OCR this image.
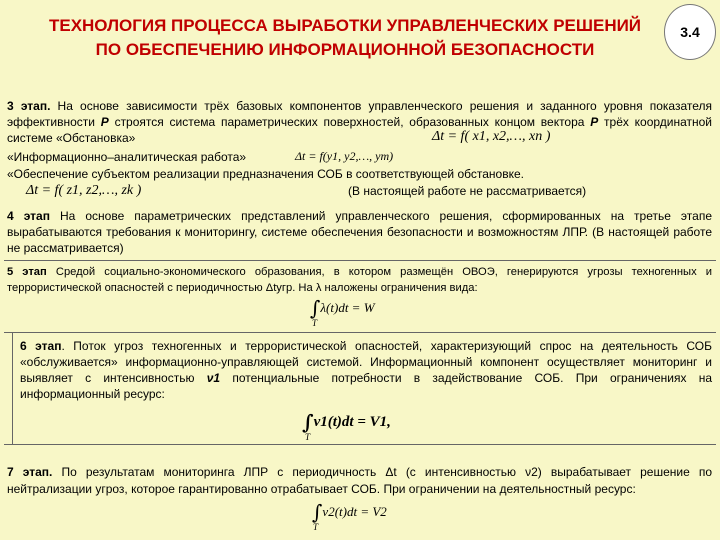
ТЕХНОЛОГИЯ ПРОЦЕССА ВЫРАБОТКИ УПРАВЛЕНЧЕСКИХ РЕШЕНИЙ ПО ОБЕСПЕЧЕНИЮ ИНФОРМАЦИОННОЙ БЕЗОПАСНОСТИ
3.4
3 этап. На основе зависимости трёх базовых компонентов управленческого решения и заданного уровня показателя эффективности P строятся система параметрических поверхностей, образованных концом вектора P трёх координатной системе «Обстановка»	Δt = f( x1, x2,…, xn )
«Информационно–аналитическая работа»	Δt = f(y1, y2,…, ym)
«Обеспечение субъектом реализации предназначения СОБ в соответствующей обстановке.
Δt = f( z1, z2,…, zk )	(В настоящей работе не рассматривается)
4 этап На основе параметрических представлений управленческого решения, сформированных на третье этапе вырабатываются требования к мониторингу, системе обеспечения безопасности и возможностям ЛПР. (В настоящей работе не рассматривается)
5 этап Средой социально-экономического образования, в котором размещён ОВОЭ, генерируются угрозы техногенных и террористической опасностей с периодичностью Δtугр. На λ наложены ограничения вида:
∫λ(t)dt = W
T
6 этап. Поток угроз техногенных и террористической опасностей, характеризующий спрос на деятельность СОБ «обслуживается» информационно-управляющей системой. Информационный компонент осуществляет мониторинг и выявляет с интенсивностью ν1 потенциальные потребности в задействование СОБ. При ограничениях на информационный ресурс:
∫ν1(t)dt = V1,
T
7 этап. По результатам мониторинга ЛПР с периодичность Δt (с интенсивностью ν2) вырабатывает решение по нейтрализации угроз, которое гарантированно отрабатывает СОБ. При ограничении на деятельностный ресурс:
∫ν2(t)dt = V2
T
